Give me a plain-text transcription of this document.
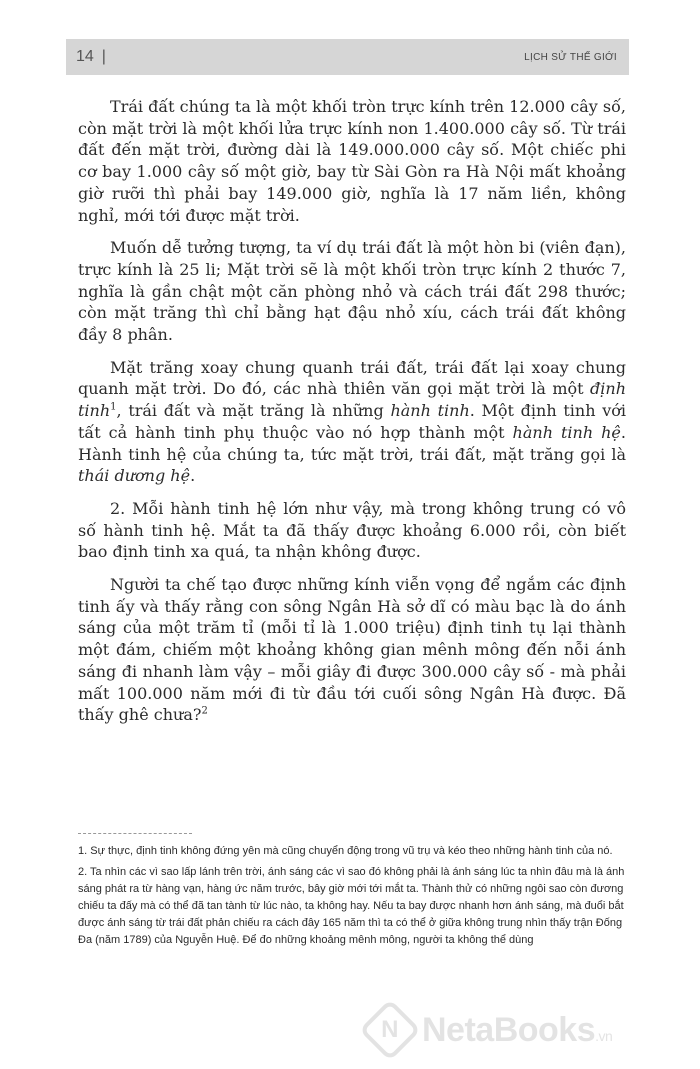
14 |	LỊCH SỬ THẾ GIỚI

Trái đất chúng ta là một khối tròn trực kính trên 12.000 cây số, còn mặt trời là một khối lửa trực kính non 1.400.000 cây số. Từ trái đất đến mặt trời, đường dài là 149.000.000 cây số. Một chiếc phi cơ bay 1.000 cây số một giờ, bay từ Sài Gòn ra Hà Nội mất khoảng giờ rưỡi thì phải bay 149.000 giờ, nghĩa là 17 năm liền, không nghỉ, mới tới được mặt trời.

Muốn dễ tưởng tượng, ta ví dụ trái đất là một hòn bi (viên đạn), trực kính là 25 li; Mặt trời sẽ là một khối tròn trực kính 2 thước 7, nghĩa là gần chật một căn phòng nhỏ và cách trái đất 298 thước; còn mặt trăng thì chỉ bằng hạt đậu nhỏ xíu, cách trái đất không đầy 8 phân.

Mặt trăng xoay chung quanh trái đất, trái đất lại xoay chung quanh mặt trời. Do đó, các nhà thiên văn gọi mặt trời là một định tinh$^1$, trái đất và mặt trăng là những hành tinh. Một định tinh với tất cả hành tinh phụ thuộc vào nó hợp thành một hành tinh hệ. Hành tinh hệ của chúng ta, tức mặt trời, trái đất, mặt trăng gọi là thái dương hệ.

2. Mỗi hành tinh hệ lớn như vậy, mà trong không trung có vô số hành tinh hệ. Mắt ta đã thấy được khoảng 6.000 rồi, còn biết bao định tinh xa quá, ta nhận không được.

Người ta chế tạo được những kính viễn vọng để ngắm các định tinh ấy và thấy rằng con sông Ngân Hà sở dĩ có màu bạc là do ánh sáng của một trăm tỉ (mỗi tỉ là 1.000 triệu) định tinh tụ lại thành một đám, chiếm một khoảng không gian mênh mông đến nỗi ánh sáng đi nhanh làm vậy – mỗi giây đi được 300.000 cây số - mà phải mất 100.000 năm mới đi từ đầu tới cuối sông Ngân Hà được. Đã thấy ghê chưa?$^2$

1. Sự thực, định tinh không đứng yên mà cũng chuyển động trong vũ trụ và kéo theo những hành tinh của nó.

2. Ta nhìn các vì sao lấp lánh trên trời, ánh sáng các vì sao đó không phải là ánh sáng lúc ta nhìn đâu mà là ánh sáng phát ra từ hàng vạn, hàng ức năm trước, bây giờ mới tới mắt ta. Thành thử có những ngôi sao còn đương chiếu ta đấy mà có thể đã tan tành từ lúc nào, ta không hay. Nếu ta bay được nhanh hơn ánh sáng, mà đuổi bắt được ánh sáng từ trái đất phản chiếu ra cách đây 165 năm thì ta có thể ở giữa không trung nhìn thấy trận Đống Đa (năm 1789) của Nguyễn Huệ. Để đo những khoảng mênh mông, người ta không thể dùng

N NetaBooks.vn
